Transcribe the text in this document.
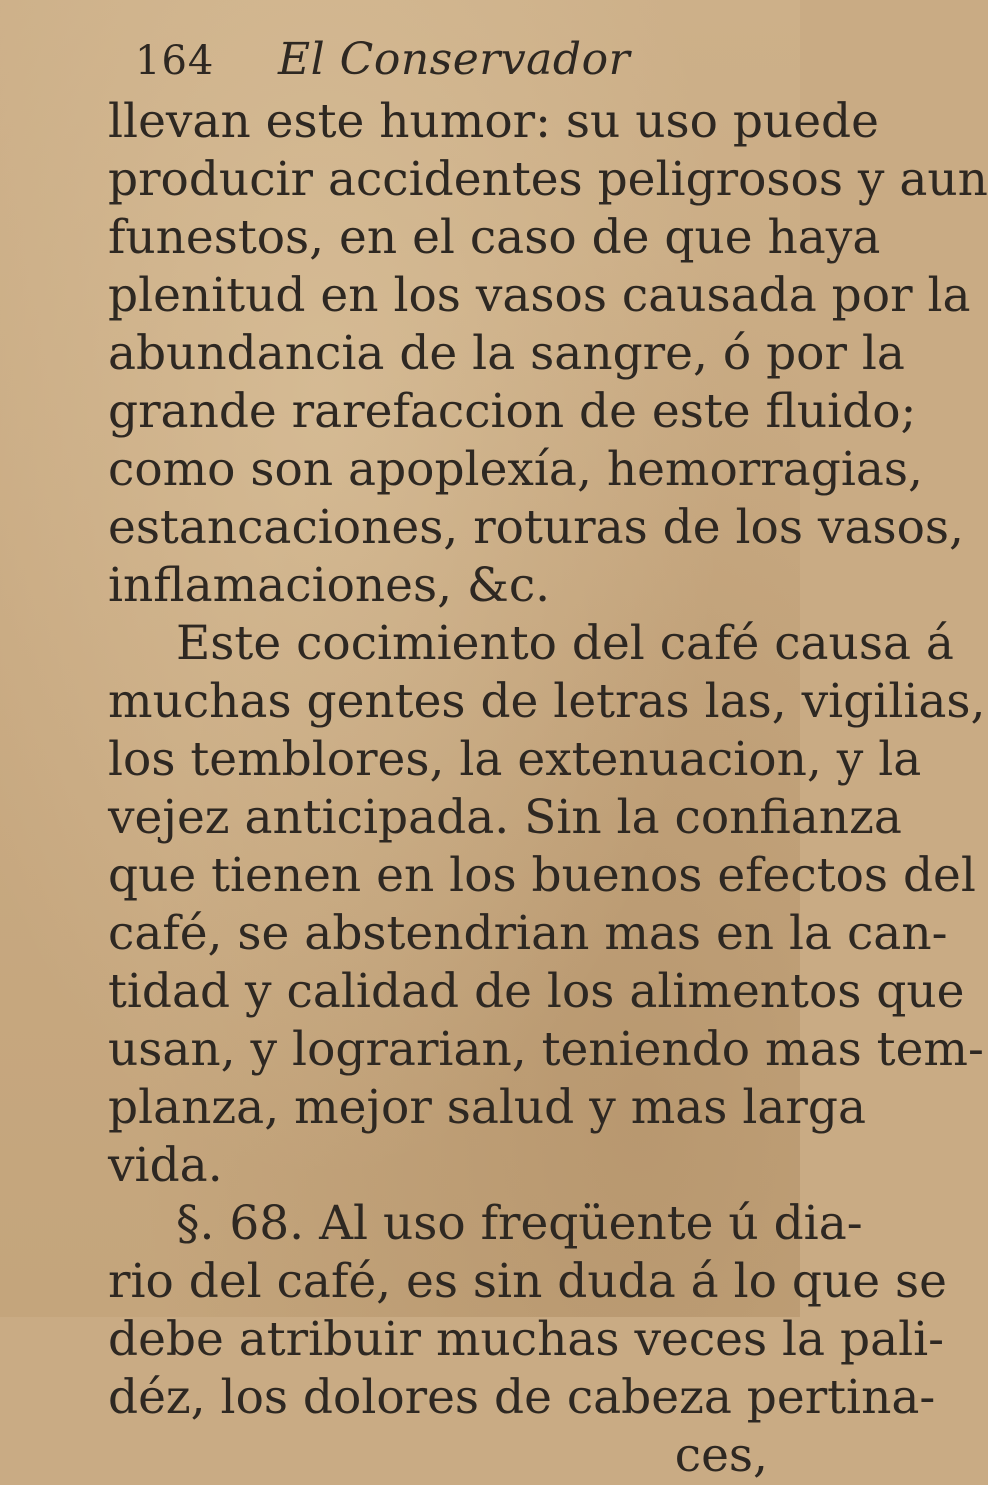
164 El Conservador
llevan este humor: su uso puede
producir accidentes peligrosos y aun
funestos, en el caso de que haya
plenitud en los vasos causada por la
abundancia de la sangre, ó por la
grande rarefaccion de este fluido;
como son apoplexía, hemorragias,
estancaciones, roturas de los vasos,
inflamaciones, &c.
Este cocimiento del café causa á
muchas gentes de letras las, vigilias,
los temblores, la extenuacion, y la
vejez anticipada. Sin la confianza
que tienen en los buenos efectos del
café, se abstendrian mas en la can-
tidad y calidad de los alimentos que
usan, y lograrian, teniendo mas tem-
planza, mejor salud y mas larga
vida.
§. 68. Al uso freqüente ú dia-
rio del café, es sin duda á lo que se
debe atribuir muchas veces la pali-
déz, los dolores de cabeza pertina-
ces,
